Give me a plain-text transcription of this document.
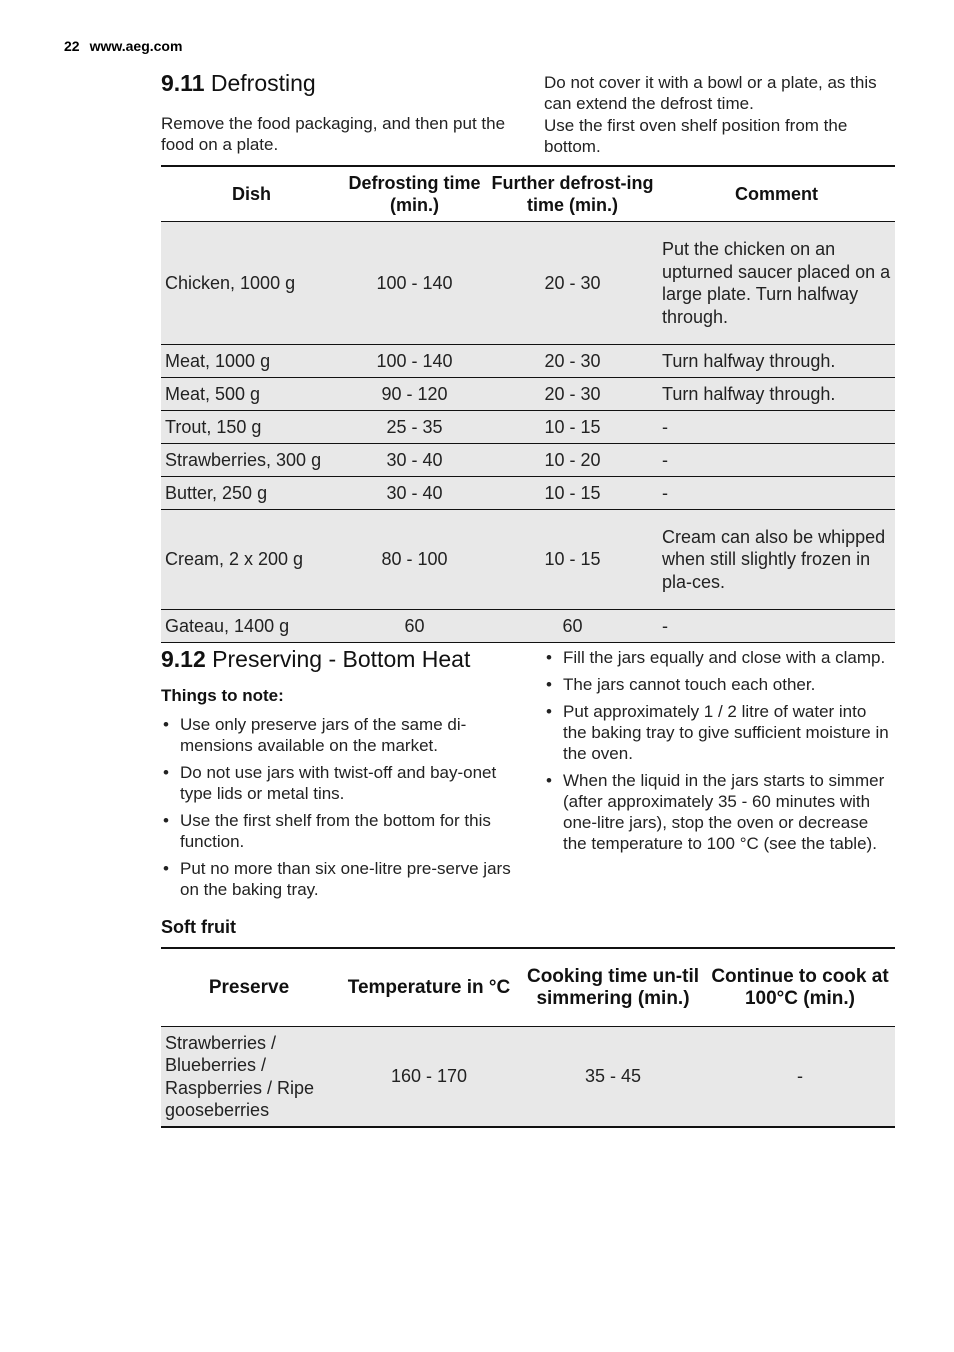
22 www.aeg.com
9.11 Defrosting

Remove the food packaging, and then put the food on a plate.

Do not cover it with a bowl or a plate, as this can extend the defrost time.

Use the first oven shelf position from the bottom.

Dish	Defrosting time (min.)	Further defrost-ing time (min.)	Comment
Chicken, 1000 g	100 - 140	20 - 30	Put the chicken on an upturned saucer placed on a large plate. Turn halfway through.
Meat, 1000 g	100 - 140	20 - 30	Turn halfway through.
Meat, 500 g	90 - 120	20 - 30	Turn halfway through.
Trout, 150 g	25 - 35	10 - 15	-
Strawberries, 300 g	30 - 40	10 - 20	-
Butter, 250 g	30 - 40	10 - 15	-
Cream, 2 x 200 g	80 - 100	10 - 15	Cream can also be whipped when still slightly frozen in pla-ces.
Gateau, 1400 g	60	60	-
9.12 Preserving - Bottom Heat
Things to note:
• Use only preserve jars of the same di-mensions available on the market.
• Do not use jars with twist-off and bay-onet type lids or metal tins.
• Use the first shelf from the bottom for this function.
• Put no more than six one-litre pre-serve jars on the baking tray.
• Fill the jars equally and close with a clamp.
• The jars cannot touch each other.
• Put approximately 1 / 2 litre of water into the baking tray to give sufficient moisture in the oven.
• When the liquid in the jars starts to simmer (after approximately 35 - 60 minutes with one-litre jars), stop the oven or decrease the temperature to 100 °C (see the table).
Soft fruit
Preserve	Temperature in °C	Cooking time un-til simmering (min.)	Continue to cook at 100°C (min.)
Strawberries / Blueberries / Raspberries / Ripe gooseberries	160 - 170	35 - 45	-
